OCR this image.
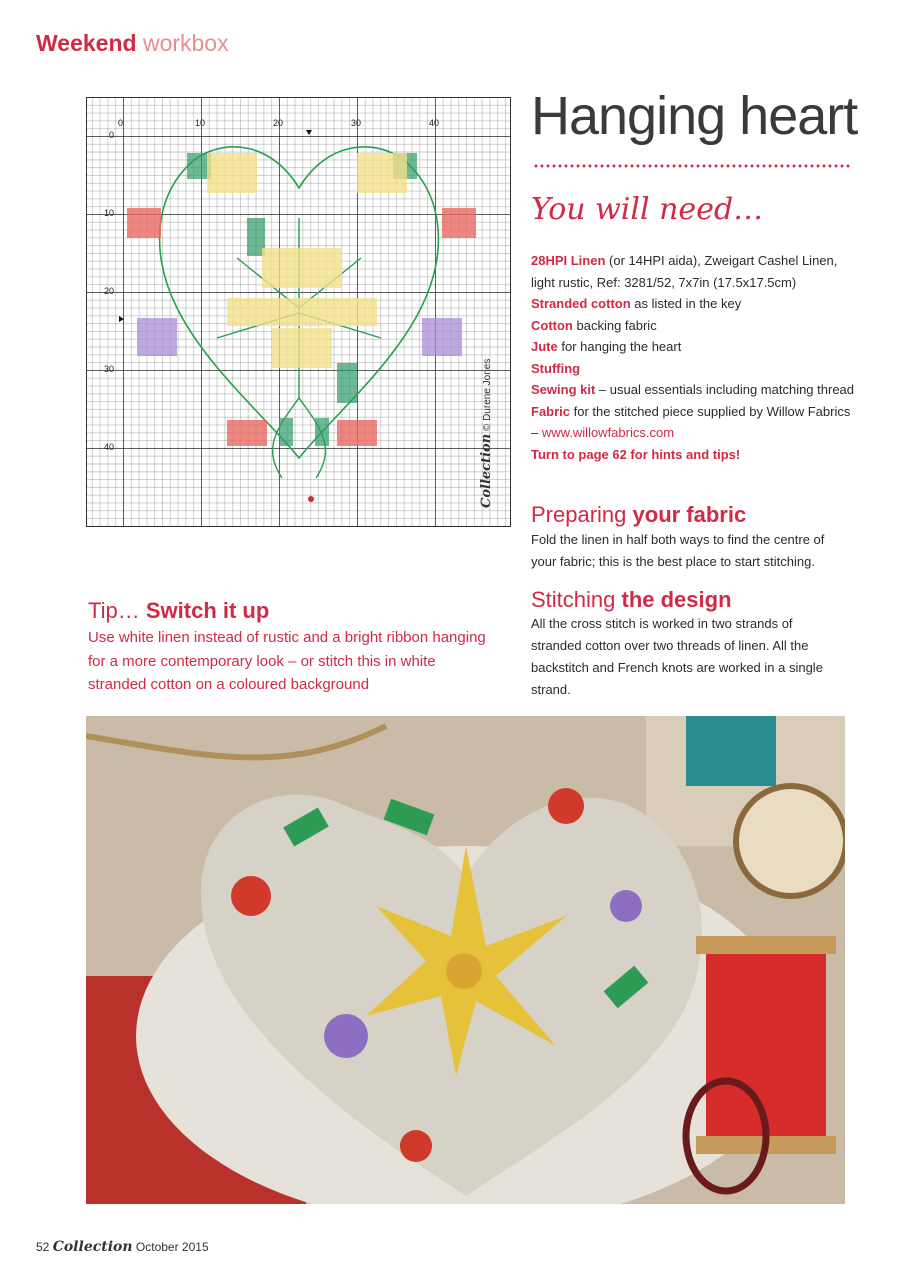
Weekend workbox
0	10	20	30	40
0
10
20
30
40	Collection © Durene Jones
Hanging heart
You will need…

28HPI Linen (or 14HPI aida), Zweigart Cashel Linen, light rustic, Ref: 3281/52, 7x7in (17.5x17.5cm)

Stranded cotton as listed in the key

Cotton backing fabric

Jute for hanging the heart

Stuffing

Sewing kit – usual essentials including matching thread

Fabric for the stitched piece supplied by Willow Fabrics – www.willowfabrics.com

Turn to page 62 for hints and tips!

Preparing your fabric

Fold the linen in half both ways to find the centre of your fabric; this is the best place to start stitching.

Stitching the design

All the cross stitch is worked in two strands of stranded cotton over two threads of linen. All the backstitch and French knots are worked in a single strand.

Tip… Switch it up

Use white linen instead of rustic and a bright ribbon hanging for a more contemporary look – or stitch this in white stranded cotton on a coloured background

52 Collection October 2015
